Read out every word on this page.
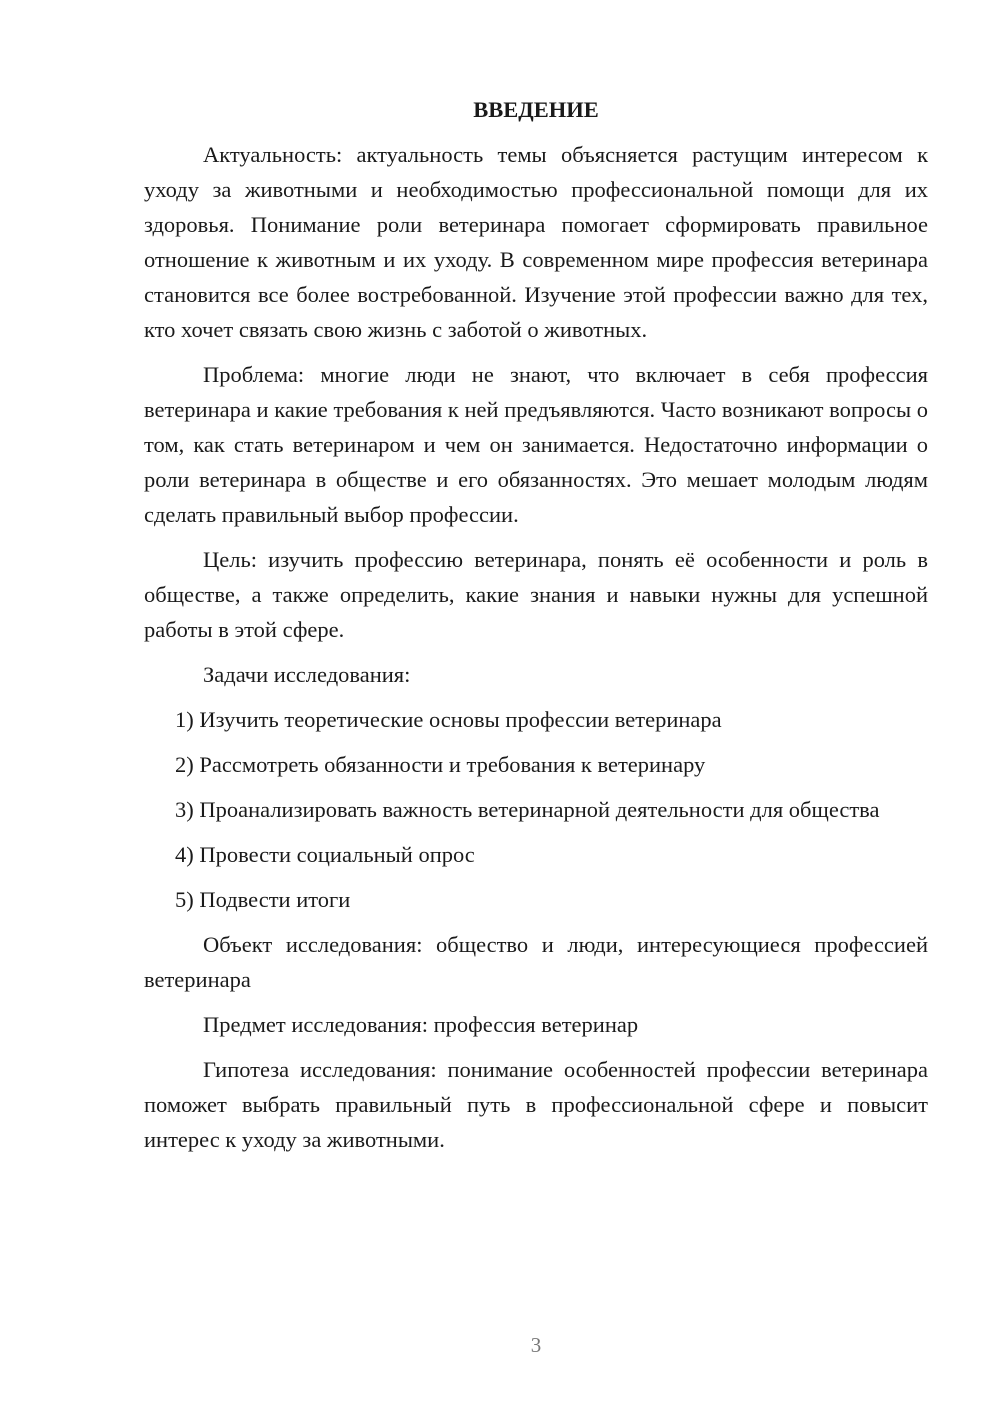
ВВЕДЕНИЕ

Актуальность: актуальность темы объясняется растущим интересом к уходу за животными и необходимостью профессиональной помощи для их здоровья. Понимание роли ветеринара помогает сформировать правильное отношение к животным и их уходу. В современном мире профессия ветеринара становится все более востребованной. Изучение этой профессии важно для тех, кто хочет связать свою жизнь с заботой о животных.

Проблема: многие люди не знают, что включает в себя профессия ветеринара и какие требования к ней предъявляются. Часто возникают вопросы о том, как стать ветеринаром и чем он занимается. Недостаточно информации о роли ветеринара в обществе и его обязанностях. Это мешает молодым людям сделать правильный выбор профессии.

Цель: изучить профессию ветеринара, понять её особенности и роль в обществе, а также определить, какие знания и навыки нужны для успешной работы в этой сфере.

Задачи исследования:

1) Изучить теоретические основы профессии ветеринара

2) Рассмотреть обязанности и требования к ветеринару

3) Проанализировать важность ветеринарной деятельности для общества

4) Провести социальный опрос

5) Подвести итоги

Объект исследования: общество и люди, интересующиеся профессией ветеринара

Предмет исследования: профессия ветеринар

Гипотеза исследования: понимание особенностей профессии ветеринара поможет выбрать правильный путь в профессиональной сфере и повысит интерес к уходу за животными.

3
